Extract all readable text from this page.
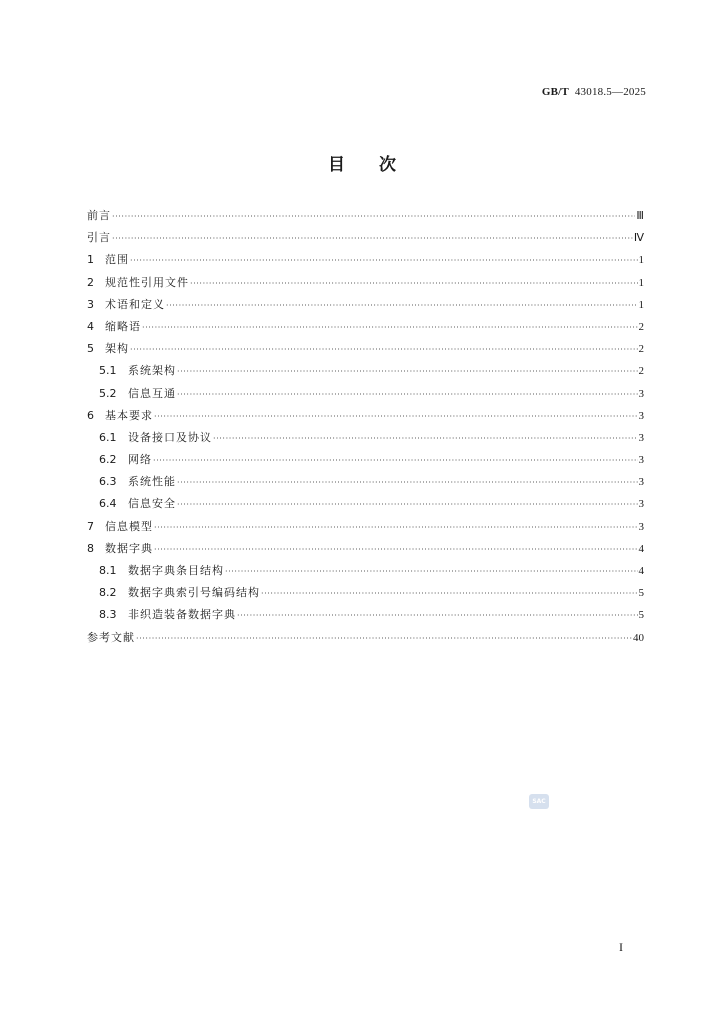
GB/T 43018.5—2025
目次
前言 ·····	Ⅲ
引言 ·····	Ⅳ
1	范围 ·····	1
2	规范性引用文件 ·····	1
3	术语和定义 ·····	1
4	缩略语 ·····	2
5	架构 ·····	2
5.1	系统架构 ·····	2
5.2	信息互通 ·····	3
6	基本要求 ·····	3
6.1	设备接口及协议 ·····	3
6.2	网络 ·····	3
6.3	系统性能 ·····	3
6.4	信息安全 ·····	3
7	信息模型 ·····	3
8	数据字典 ·····	4
8.1	数据字典条目结构 ·····	4
8.2	数据字典索引号编码结构 ·····	5
8.3	非织造装备数据字典 ·····	5
参考文献 ·····	40
SAC
I
